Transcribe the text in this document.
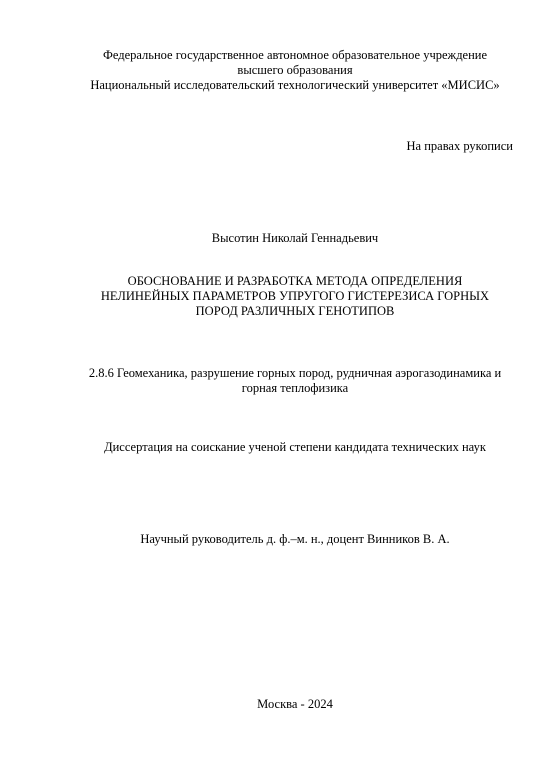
Федеральное государственное автономное образовательное учреждение
высшего образования
Национальный исследовательский технологический университет «МИСИС»
На правах рукописи
Высотин Николай Геннадьевич
ОБОСНОВАНИЕ И РАЗРАБОТКА МЕТОДА ОПРЕДЕЛЕНИЯ
НЕЛИНЕЙНЫХ ПАРАМЕТРОВ УПРУГОГО ГИСТЕРЕЗИСА ГОРНЫХ
ПОРОД РАЗЛИЧНЫХ ГЕНОТИПОВ
2.8.6 Геомеханика, разрушение горных пород, рудничная аэрогазодинамика и
горная теплофизика
Диссертация на соискание ученой степени кандидата технических наук
Научный руководитель д. ф.–м. н., доцент Винников В. А.
Москва - 2024
